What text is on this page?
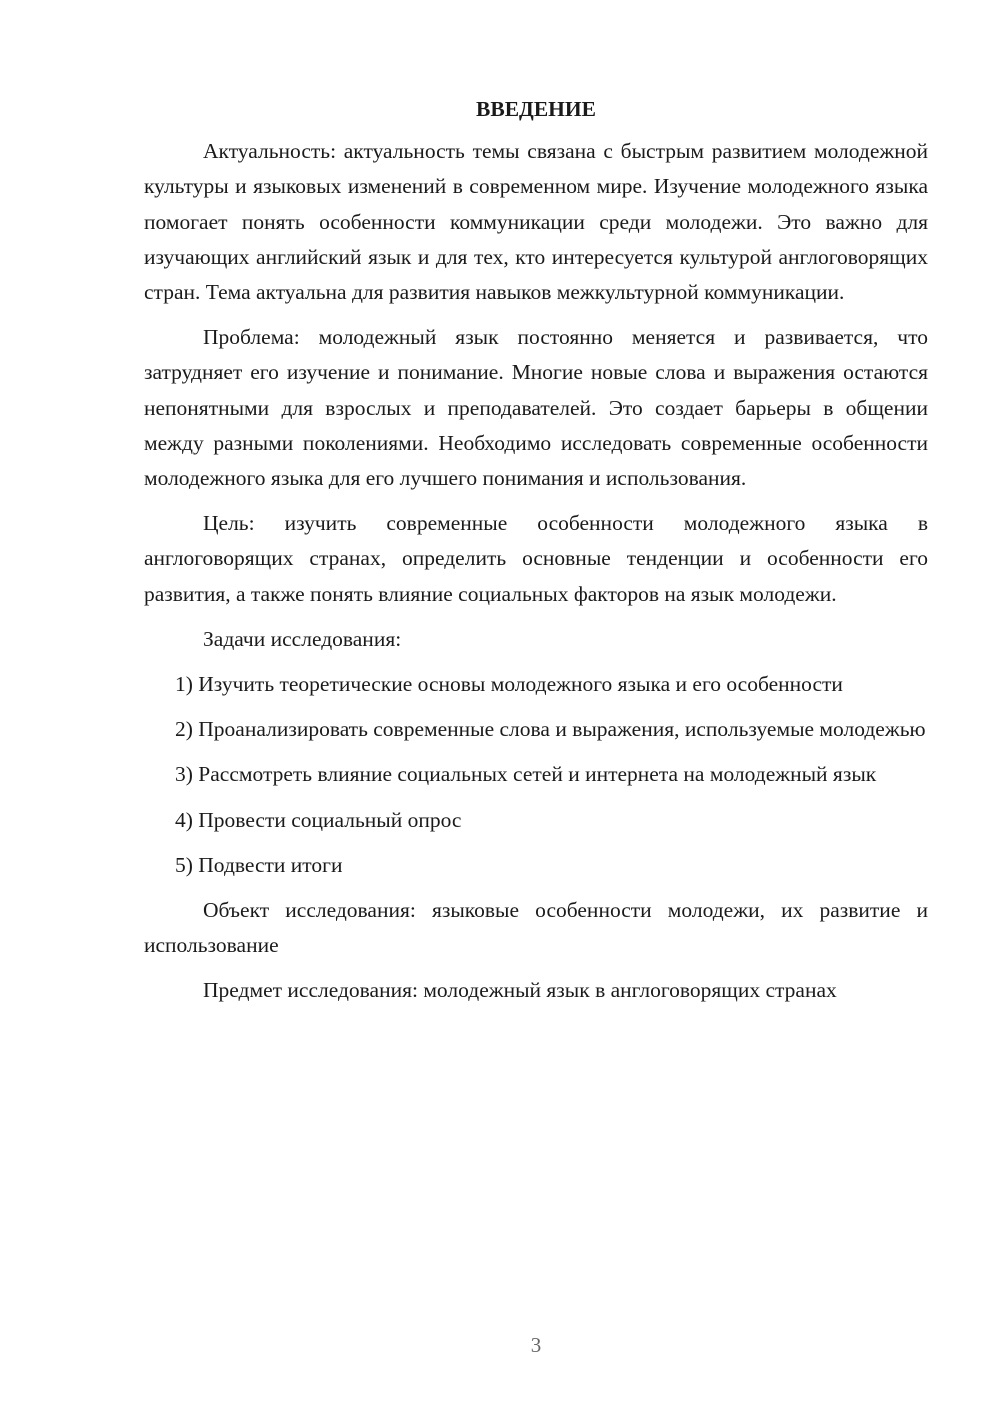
ВВЕДЕНИЕ

Актуальность: актуальность темы связана с быстрым развитием молодежной культуры и языковых изменений в современном мире. Изучение молодежного языка помогает понять особенности коммуникации среди молодежи. Это важно для изучающих английский язык и для тех, кто интересуется культурой англоговорящих стран. Тема актуальна для развития навыков межкультурной коммуникации.

Проблема: молодежный язык постоянно меняется и развивается, что затрудняет его изучение и понимание. Многие новые слова и выражения остаются непонятными для взрослых и преподавателей. Это создает барьеры в общении между разными поколениями. Необходимо исследовать современные особенности молодежного языка для его лучшего понимания и использования.

Цель: изучить современные особенности молодежного языка в англоговорящих странах, определить основные тенденции и особенности его развития, а также понять влияние социальных факторов на язык молодежи.

Задачи исследования:

1) Изучить теоретические основы молодежного языка и его особенности

2) Проанализировать современные слова и выражения, используемые молодежью

3) Рассмотреть влияние социальных сетей и интернета на молодежный язык

4) Провести социальный опрос

5) Подвести итоги

Объект исследования: языковые особенности молодежи, их развитие и использование

Предмет исследования: молодежный язык в англоговорящих странах

3
